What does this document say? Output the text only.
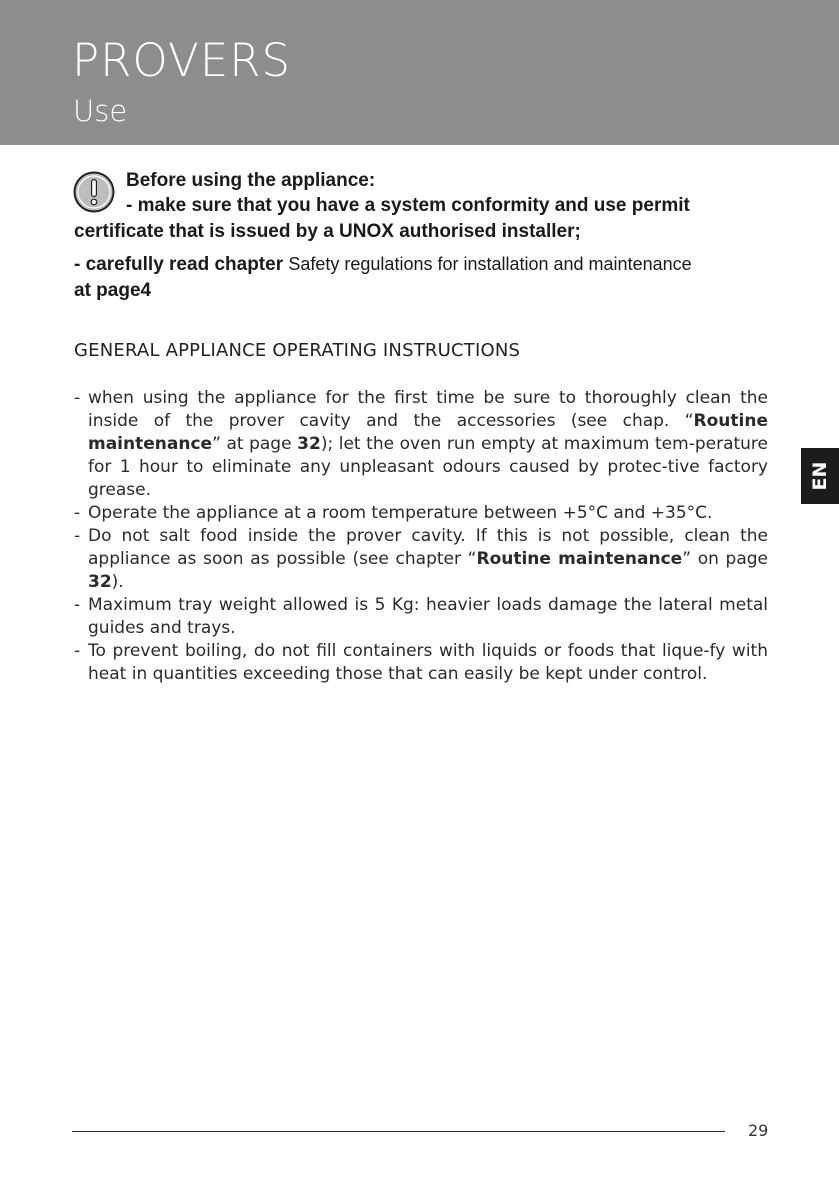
PROVERS
Use
Before using the appliance:
- make sure that you have a system conformity and use permit
certificate that is issued by a UNOX authorised installer;
- carefully read chapter Safety regulations for installation and maintenance
at page4
GENERAL APPLIANCE OPERATING INSTRUCTIONS
- when using the appliance for the first time be sure to thoroughly clean the inside of the prover cavity and the accessories (see chap. “Routine maintenance” at page 32); let the oven run empty at maximum tem-perature for 1 hour to eliminate any unpleasant odours caused by protec-tive factory grease.
- Operate the appliance at a room temperature between +5°C and +35°C.
- Do not salt food inside the prover cavity. If this is not possible, clean the appliance as soon as possible (see chapter “Routine maintenance” on page 32).
- Maximum tray weight allowed is 5 Kg: heavier loads damage the lateral metal guides and trays.
- To prevent boiling, do not fill containers with liquids or foods that lique-fy with heat in quantities exceeding those that can easily be kept under control.
EN
29
